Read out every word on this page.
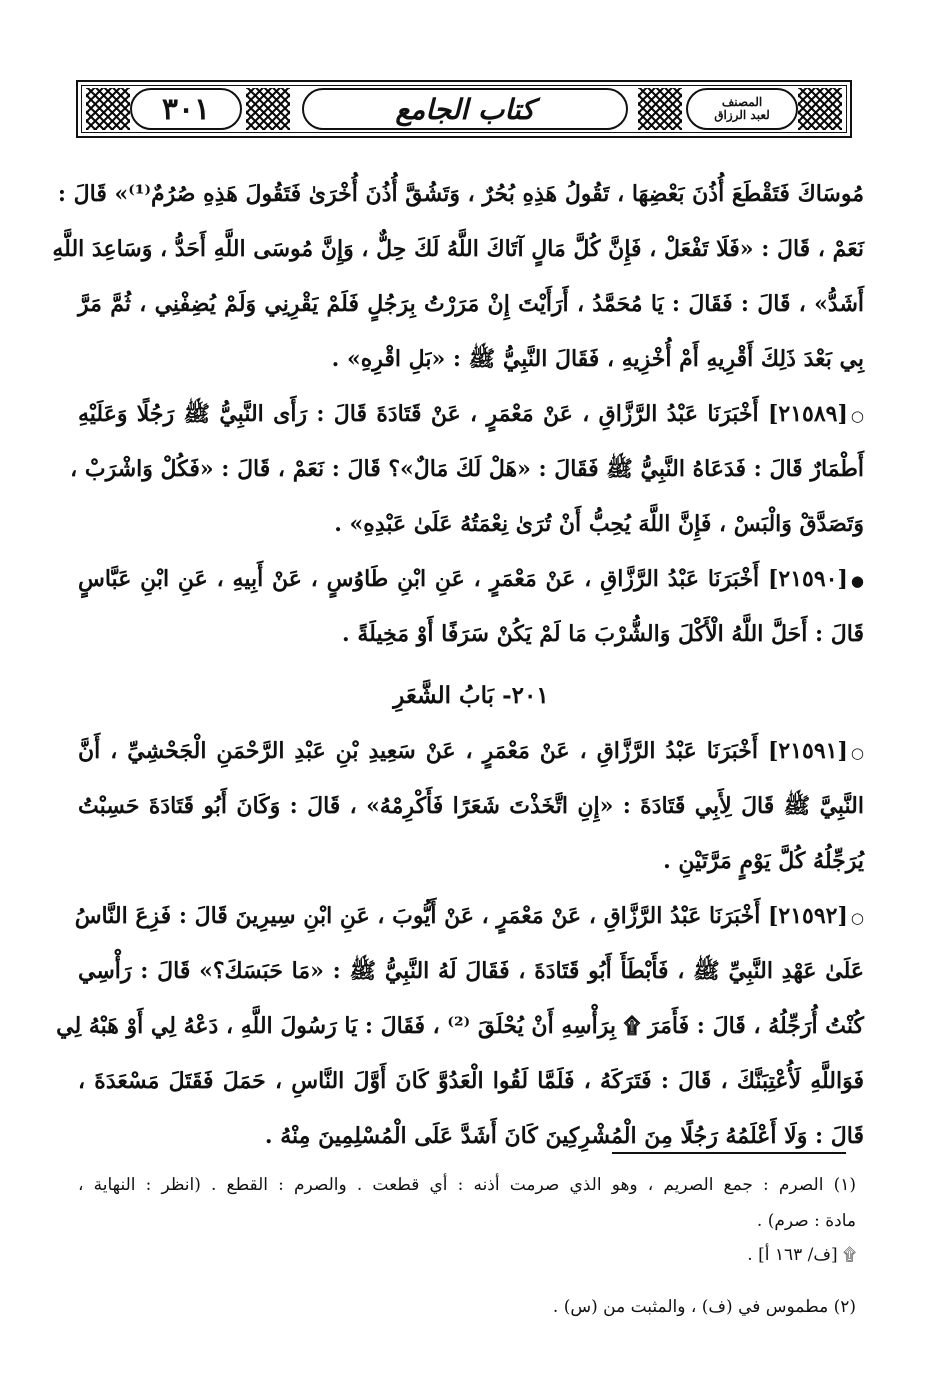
٣٠١	كتاب الجامع	المصنف
لعبد الرزاق
مُوسَاكَ فَتَقْطَعَ أُذُنَ بَعْضِهَا ، تَقُولُ هَذِهِ بُحُرٌ ، وَتَشُقَّ أُذُنَ أُخْرَىٰ فَتَقُولَ هَذِهِ صُرُمٌ⁽¹⁾» قَالَ :
نَعَمْ ، قَالَ : «فَلَا تَفْعَلْ ، فَإِنَّ كُلَّ مَالٍ آتَاكَ اللَّهُ لَكَ حِلٌّ ، وَإِنَّ مُوسَى اللَّهِ أَحَدُّ ، وَسَاعِدَ اللَّهِ
أَشَدُّ» ، قَالَ : فَقَالَ : يَا مُحَمَّدُ ، أَرَأَيْتَ إِنْ مَرَرْتُ بِرَجُلٍ فَلَمْ يَقْرِنِي وَلَمْ يُضِفْنِي ، ثُمَّ مَرَّ
بِي بَعْدَ ذَلِكَ أَقْرِيهِ أَمْ أُخْزِيهِ ، فَقَالَ النَّبِيُّ ﷺ : «بَلِ اقْرِهِ» .
○[٢١٥٨٩] أَخْبَرَنَا عَبْدُ الرَّزَّاقِ ، عَنْ مَعْمَرٍ ، عَنْ قَتَادَةَ قَالَ : رَأَى النَّبِيُّ ﷺ رَجُلًا وَعَلَيْهِ
أَطْمَارٌ قَالَ : فَدَعَاهُ النَّبِيُّ ﷺ فَقَالَ : «هَلْ لَكَ مَالٌ»؟ قَالَ : نَعَمْ ، قَالَ : «فَكُلْ وَاشْرَبْ ،
وَتَصَدَّقْ وَالْبَسْ ، فَإِنَّ اللَّهَ يُحِبُّ أَنْ تُرَىٰ نِعْمَتُهُ عَلَىٰ عَبْدِهِ» .
●[٢١٥٩٠] أَخْبَرَنَا عَبْدُ الرَّزَّاقِ ، عَنْ مَعْمَرٍ ، عَنِ ابْنِ طَاوُسٍ ، عَنْ أَبِيهِ ، عَنِ ابْنِ عَبَّاسٍ
قَالَ : أَحَلَّ اللَّهُ الْأَكْلَ وَالشُّرْبَ مَا لَمْ يَكُنْ سَرَفًا أَوْ مَخِيلَةً .
٢٠١- بَابُ الشَّعَرِ
○[٢١٥٩١] أَخْبَرَنَا عَبْدُ الرَّزَّاقِ ، عَنْ مَعْمَرٍ ، عَنْ سَعِيدِ بْنِ عَبْدِ الرَّحْمَنِ الْجَحْشِيِّ ، أَنَّ
النَّبِيَّ ﷺ قَالَ لِأَبِي قَتَادَةَ : «إِنِ اتَّخَذْتَ شَعَرًا فَأَكْرِمْهُ» ، قَالَ : وَكَانَ أَبُو قَتَادَةَ حَسِبْتُ
يُرَجِّلُهُ كُلَّ يَوْمٍ مَرَّتَيْنِ .
○[٢١٥٩٢] أَخْبَرَنَا عَبْدُ الرَّزَّاقِ ، عَنْ مَعْمَرٍ ، عَنْ أَيُّوبَ ، عَنِ ابْنِ سِيرِينَ قَالَ : فَزِعَ النَّاسُ
عَلَىٰ عَهْدِ النَّبِيِّ ﷺ ، فَأَبْطَأَ أَبُو قَتَادَةَ ، فَقَالَ لَهُ النَّبِيُّ ﷺ : «مَا حَبَسَكَ؟» قَالَ : رَأْسِي
كُنْتُ أُرَجِّلُهُ ، قَالَ : فَأَمَرَ ۩ بِرَأْسِهِ أَنْ يُحْلَقَ ⁽²⁾ ، فَقَالَ : يَا رَسُولَ اللَّهِ ، دَعْهُ لِي أَوْ هَبْهُ لِي
فَوَاللَّهِ لَأُعْتِبَنَّكَ ، قَالَ : فَتَرَكَهُ ، فَلَمَّا لَقُوا الْعَدُوَّ كَانَ أَوَّلَ النَّاسِ ، حَمَلَ فَقَتَلَ مَسْعَدَةَ ،
قَالَ : وَلَا أَعْلَمُهُ رَجُلًا مِنَ الْمُشْرِكِينَ كَانَ أَشَدَّ عَلَى الْمُسْلِمِينَ مِنْهُ .
(١) الصرم : جمع الصريم ، وهو الذي صرمت أذنه : أي قطعت . والصرم : القطع . (انظر : النهاية ،
مادة : صرم) .
۩ [ف/ ١٦٣ أ] .
(٢) مطموس في (ف) ، والمثبت من (س) .
